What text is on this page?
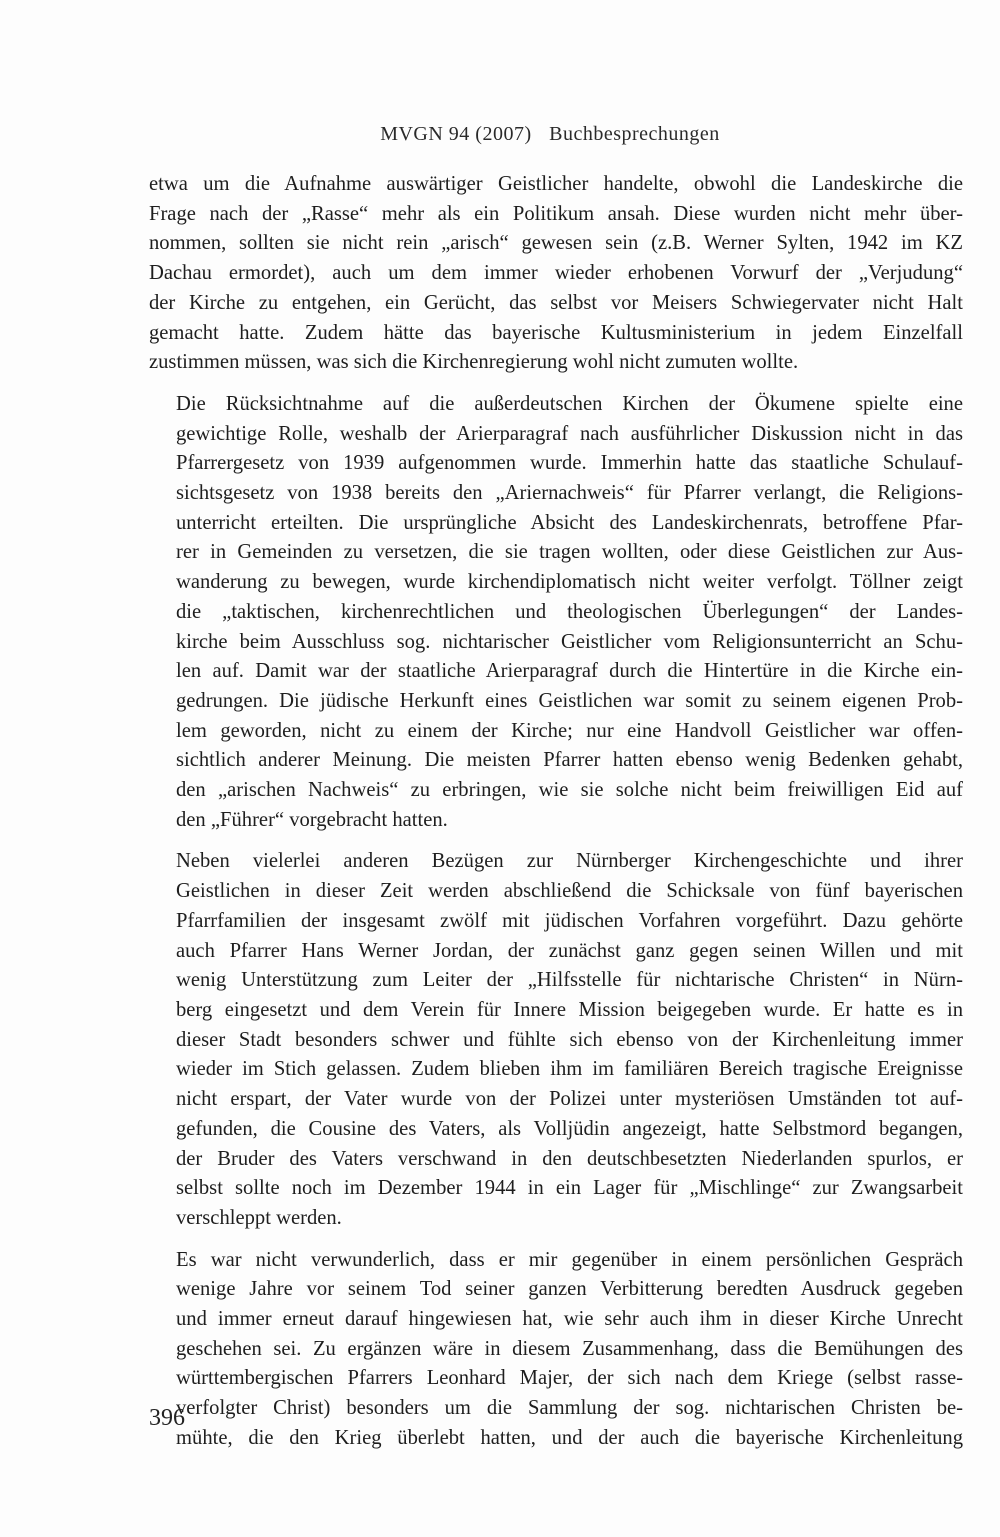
MVGN 94 (2007) Buchbesprechungen

etwa um die Aufnahme auswärtiger Geistlicher handelte, obwohl die Landeskirche die
Frage nach der „Rasse“ mehr als ein Politikum ansah. Diese wurden nicht mehr über-
nommen, sollten sie nicht rein „arisch“ gewesen sein (z.B. Werner Sylten, 1942 im KZ
Dachau ermordet), auch um dem immer wieder erhobenen Vorwurf der „Verjudung“
der Kirche zu entgehen, ein Gerücht, das selbst vor Meisers Schwiegervater nicht Halt
gemacht hatte. Zudem hätte das bayerische Kultusministerium in jedem Einzelfall
zustimmen müssen, was sich die Kirchenregierung wohl nicht zumuten wollte.

Die Rücksichtnahme auf die außerdeutschen Kirchen der Ökumene spielte eine
gewichtige Rolle, weshalb der Arierparagraf nach ausführlicher Diskussion nicht in das
Pfarrergesetz von 1939 aufgenommen wurde. Immerhin hatte das staatliche Schulauf-
sichtsgesetz von 1938 bereits den „Ariernachweis“ für Pfarrer verlangt, die Religions-
unterricht erteilten. Die ursprüngliche Absicht des Landeskirchenrats, betroffene Pfar-
rer in Gemeinden zu versetzen, die sie tragen wollten, oder diese Geistlichen zur Aus-
wanderung zu bewegen, wurde kirchendiplomatisch nicht weiter verfolgt. Töllner zeigt
die „taktischen, kirchenrechtlichen und theologischen Überlegungen“ der Landes-
kirche beim Ausschluss sog. nichtarischer Geistlicher vom Religionsunterricht an Schu-
len auf. Damit war der staatliche Arierparagraf durch die Hintertüre in die Kirche ein-
gedrungen. Die jüdische Herkunft eines Geistlichen war somit zu seinem eigenen Prob-
lem geworden, nicht zu einem der Kirche; nur eine Handvoll Geistlicher war offen-
sichtlich anderer Meinung. Die meisten Pfarrer hatten ebenso wenig Bedenken gehabt,
den „arischen Nachweis“ zu erbringen, wie sie solche nicht beim freiwilligen Eid auf
den „Führer“ vorgebracht hatten.

Neben vielerlei anderen Bezügen zur Nürnberger Kirchengeschichte und ihrer
Geistlichen in dieser Zeit werden abschließend die Schicksale von fünf bayerischen
Pfarrfamilien der insgesamt zwölf mit jüdischen Vorfahren vorgeführt. Dazu gehörte
auch Pfarrer Hans Werner Jordan, der zunächst ganz gegen seinen Willen und mit
wenig Unterstützung zum Leiter der „Hilfsstelle für nichtarische Christen“ in Nürn-
berg eingesetzt und dem Verein für Innere Mission beigegeben wurde. Er hatte es in
dieser Stadt besonders schwer und fühlte sich ebenso von der Kirchenleitung immer
wieder im Stich gelassen. Zudem blieben ihm im familiären Bereich tragische Ereignisse
nicht erspart, der Vater wurde von der Polizei unter mysteriösen Umständen tot auf-
gefunden, die Cousine des Vaters, als Volljüdin angezeigt, hatte Selbstmord begangen,
der Bruder des Vaters verschwand in den deutschbesetzten Niederlanden spurlos, er
selbst sollte noch im Dezember 1944 in ein Lager für „Mischlinge“ zur Zwangsarbeit
verschleppt werden.

Es war nicht verwunderlich, dass er mir gegenüber in einem persönlichen Gespräch
wenige Jahre vor seinem Tod seiner ganzen Verbitterung beredten Ausdruck gegeben
und immer erneut darauf hingewiesen hat, wie sehr auch ihm in dieser Kirche Unrecht
geschehen sei. Zu ergänzen wäre in diesem Zusammenhang, dass die Bemühungen des
württembergischen Pfarrers Leonhard Majer, der sich nach dem Kriege (selbst rasse-
verfolgter Christ) besonders um die Sammlung der sog. nichtarischen Christen be-
mühte, die den Krieg überlebt hatten, und der auch die bayerische Kirchenleitung

396
